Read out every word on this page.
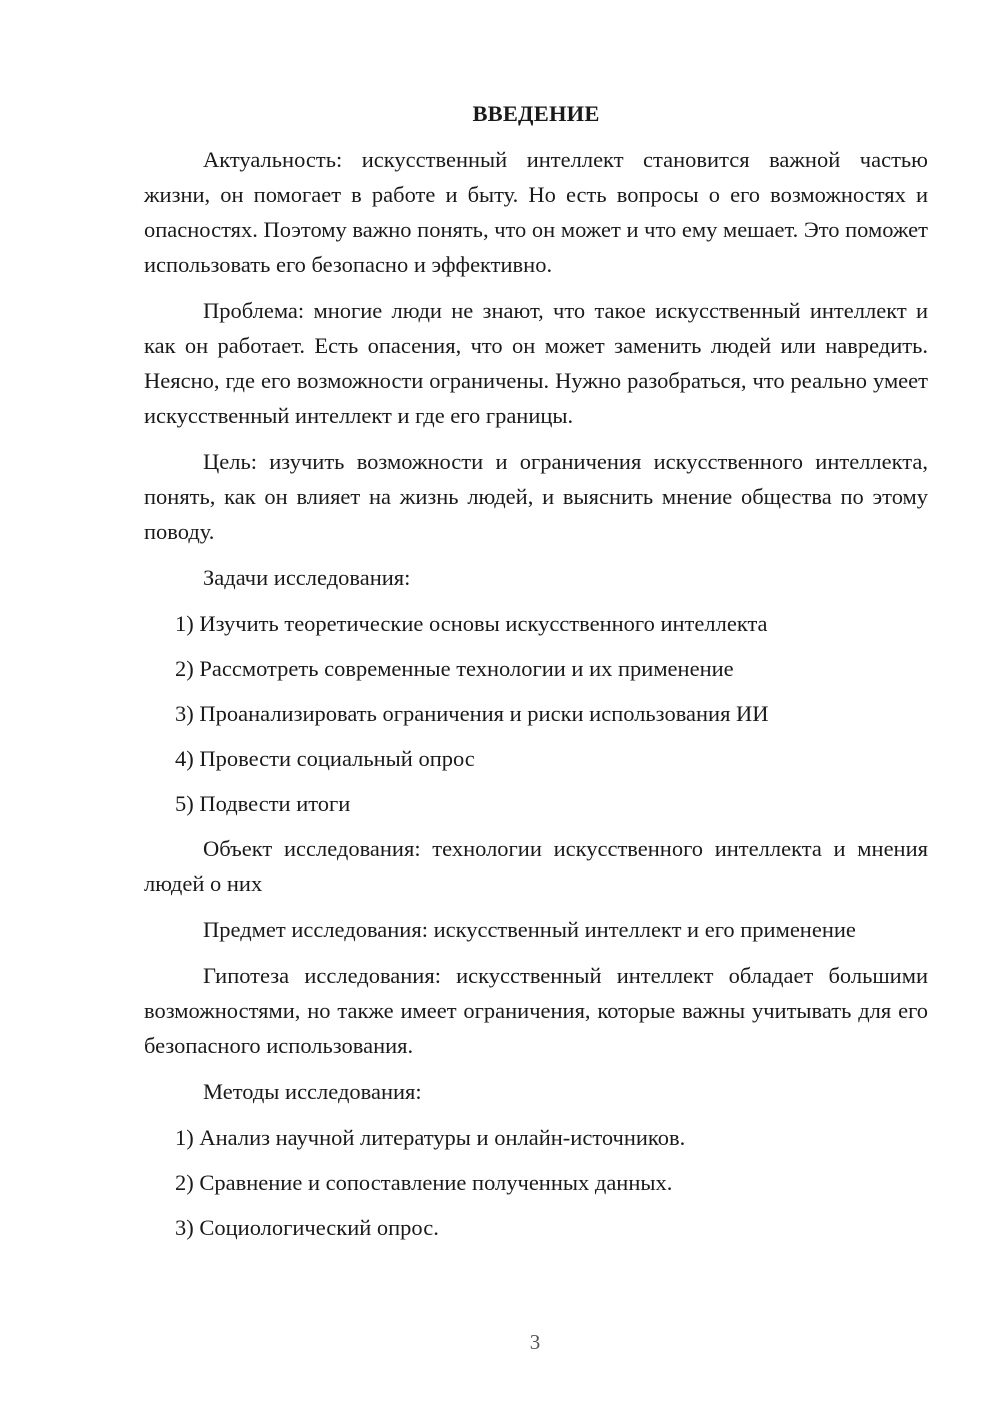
ВВЕДЕНИЕ
Актуальность: искусственный интеллект становится важной частью жизни, он помогает в работе и быту. Но есть вопросы о его возможностях и опасностях. Поэтому важно понять, что он может и что ему мешает. Это поможет использовать его безопасно и эффективно.
Проблема: многие люди не знают, что такое искусственный интеллект и как он работает. Есть опасения, что он может заменить людей или навредить. Неясно, где его возможности ограничены. Нужно разобраться, что реально умеет искусственный интеллект и где его границы.
Цель: изучить возможности и ограничения искусственного интеллекта, понять, как он влияет на жизнь людей, и выяснить мнение общества по этому поводу.
Задачи исследования:
1) Изучить теоретические основы искусственного интеллекта
2) Рассмотреть современные технологии и их применение
3) Проанализировать ограничения и риски использования ИИ
4) Провести социальный опрос
5) Подвести итоги
Объект исследования: технологии искусственного интеллекта и мнения людей о них
Предмет исследования: искусственный интеллект и его применение
Гипотеза исследования: искусственный интеллект обладает большими возможностями, но также имеет ограничения, которые важны учитывать для его безопасного использования.
Методы исследования:
1) Анализ научной литературы и онлайн-источников.
2) Сравнение и сопоставление полученных данных.
3) Социологический опрос.
3
